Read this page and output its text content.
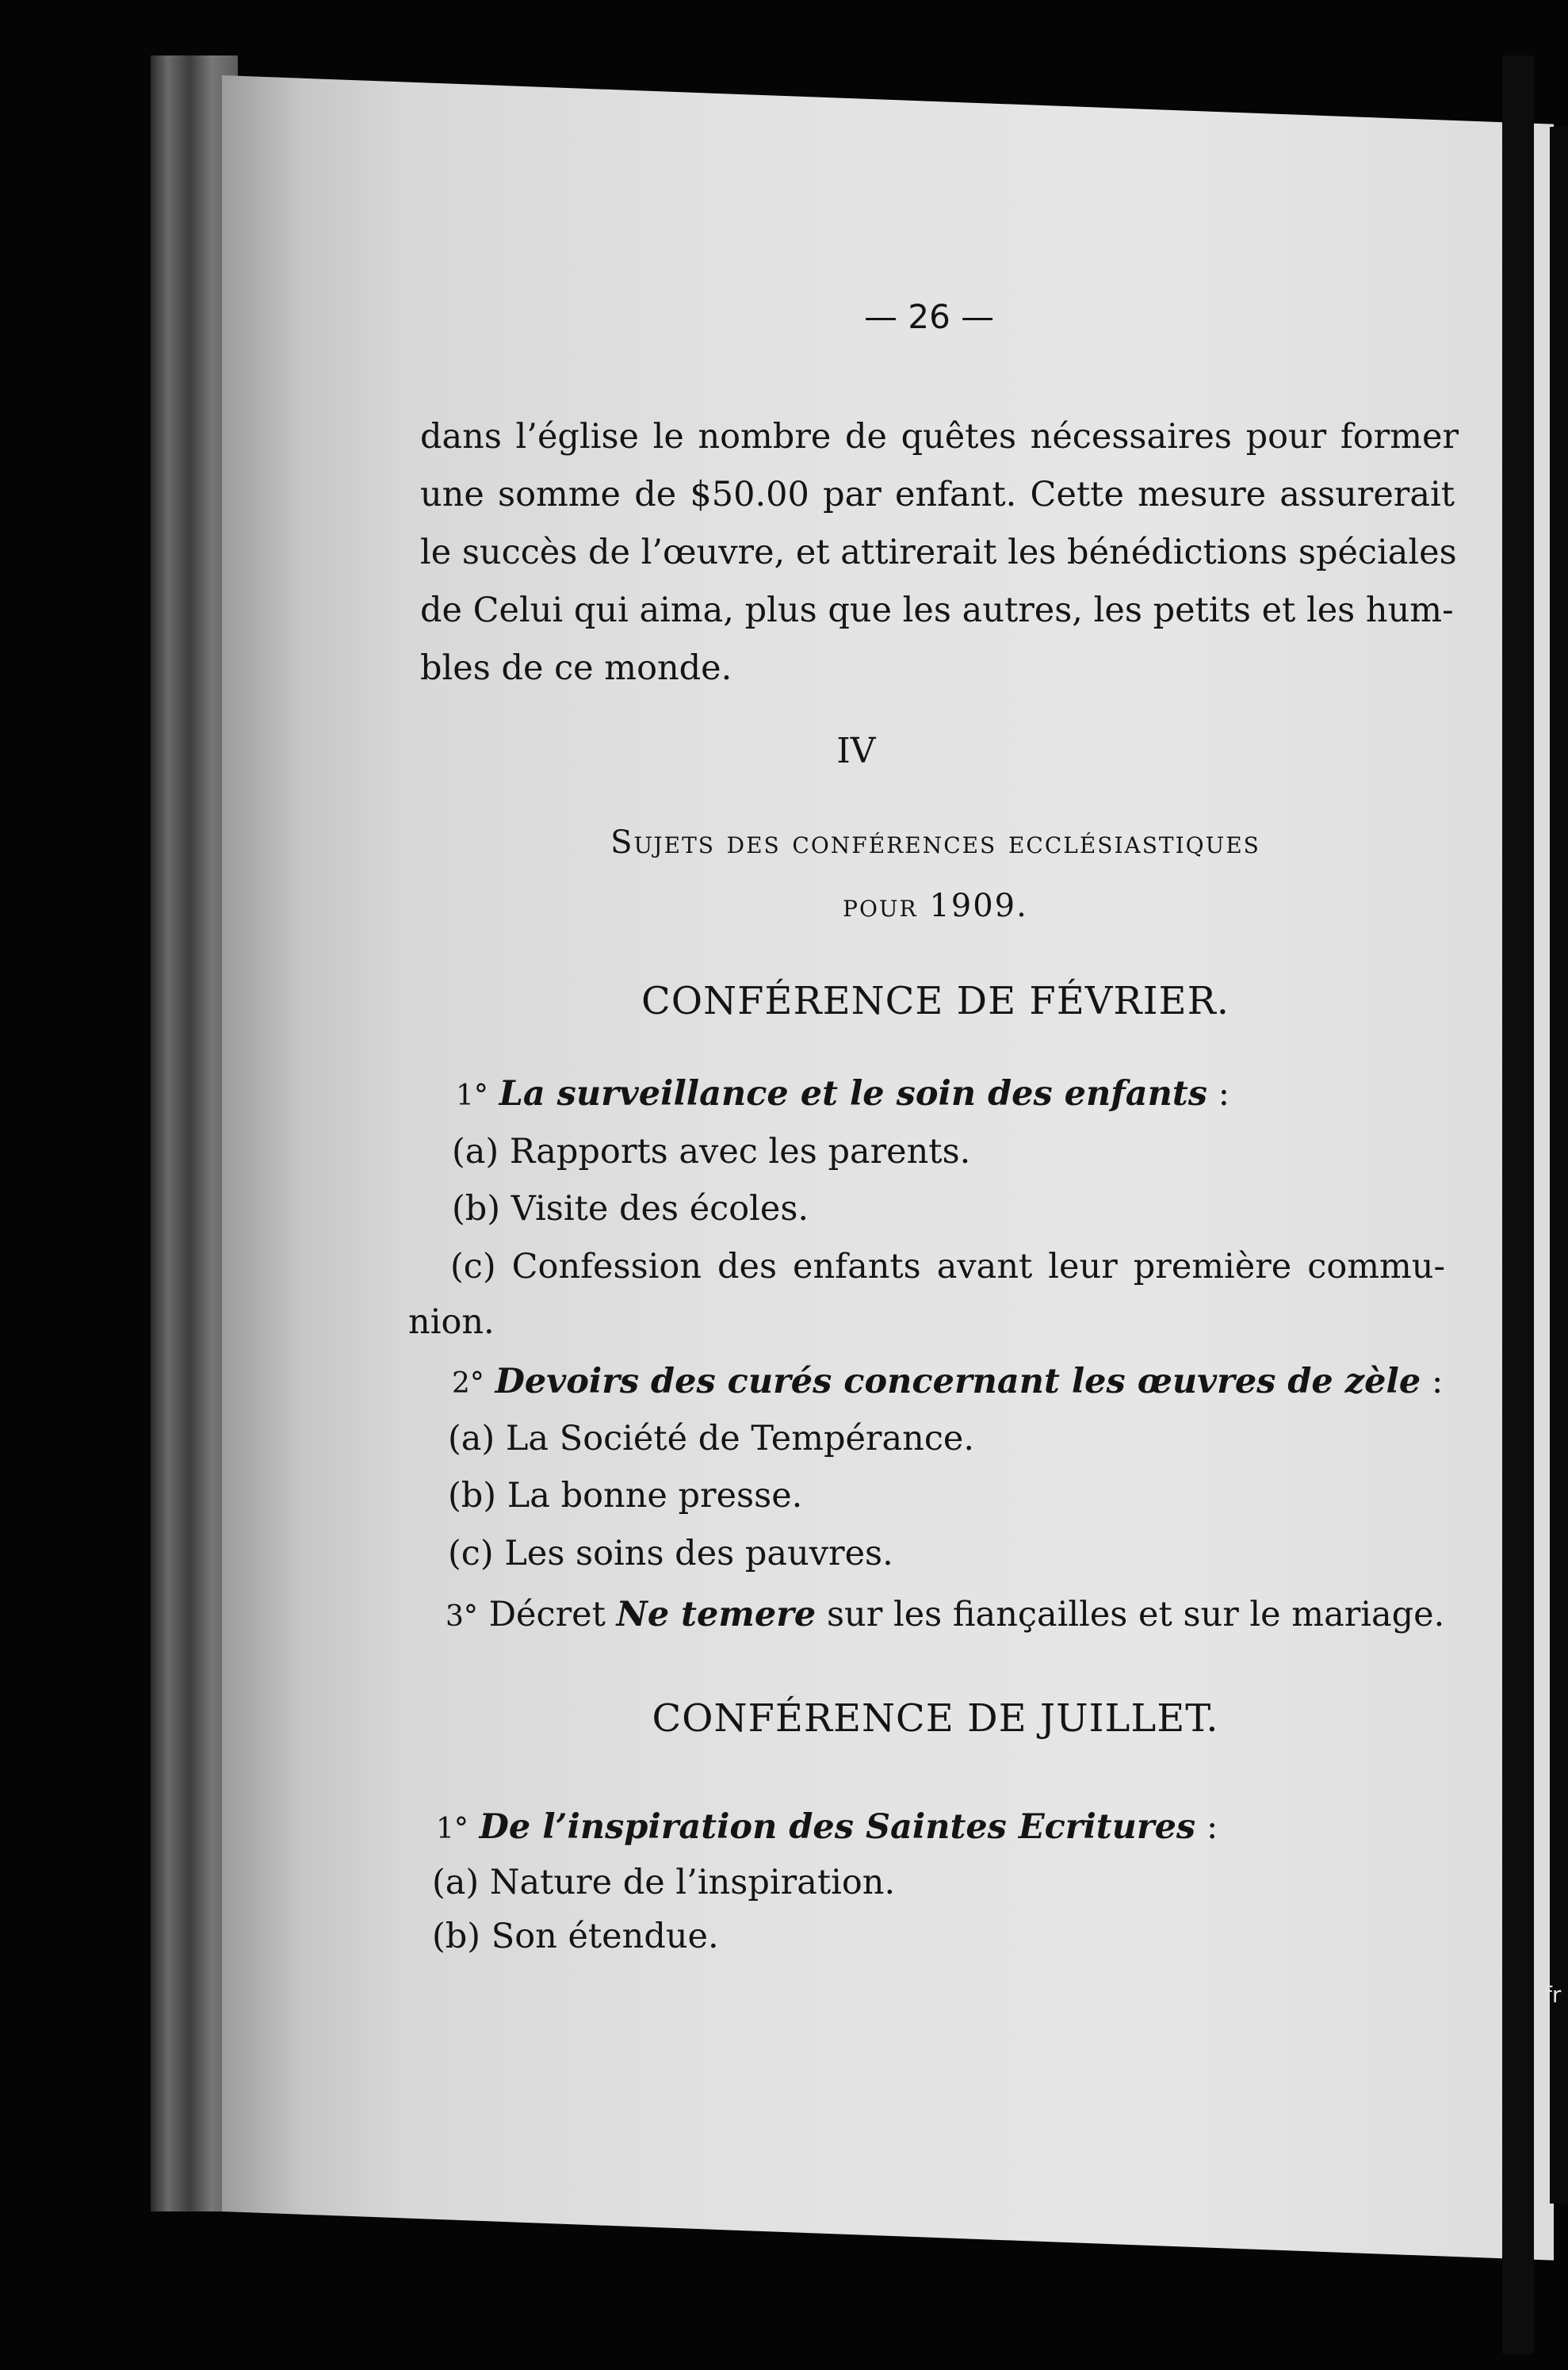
— 26 —
dans l’église le nombre de quêtes nécessaires pour former
une somme de $50.00 par enfant. Cette mesure assurerait
le succès de l’œuvre, et attirerait les bénédictions spéciales
de Celui qui aima, plus que les autres, les petits et les hum-
bles de ce monde.
IV
Sujets des conférences ecclésiastiques
pour 1909.
CONFÉRENCE DE FÉVRIER.
1° La surveillance et le soin des enfants :
(a) Rapports avec les parents.
(b) Visite des écoles.
(c) Confession des enfants avant leur première commu-
nion.
2° Devoirs des curés concernant les œuvres de zèle :
(a) La Société de Tempérance.
(b) La bonne presse.
(c) Les soins des pauvres.
3° Décret Ne temere sur les fiançailles et sur le mariage.
CONFÉRENCE DE JUILLET.
1° De l’inspiration des Saintes Ecritures :
(a) Nature de l’inspiration.
(b) Son étendue.
fr
